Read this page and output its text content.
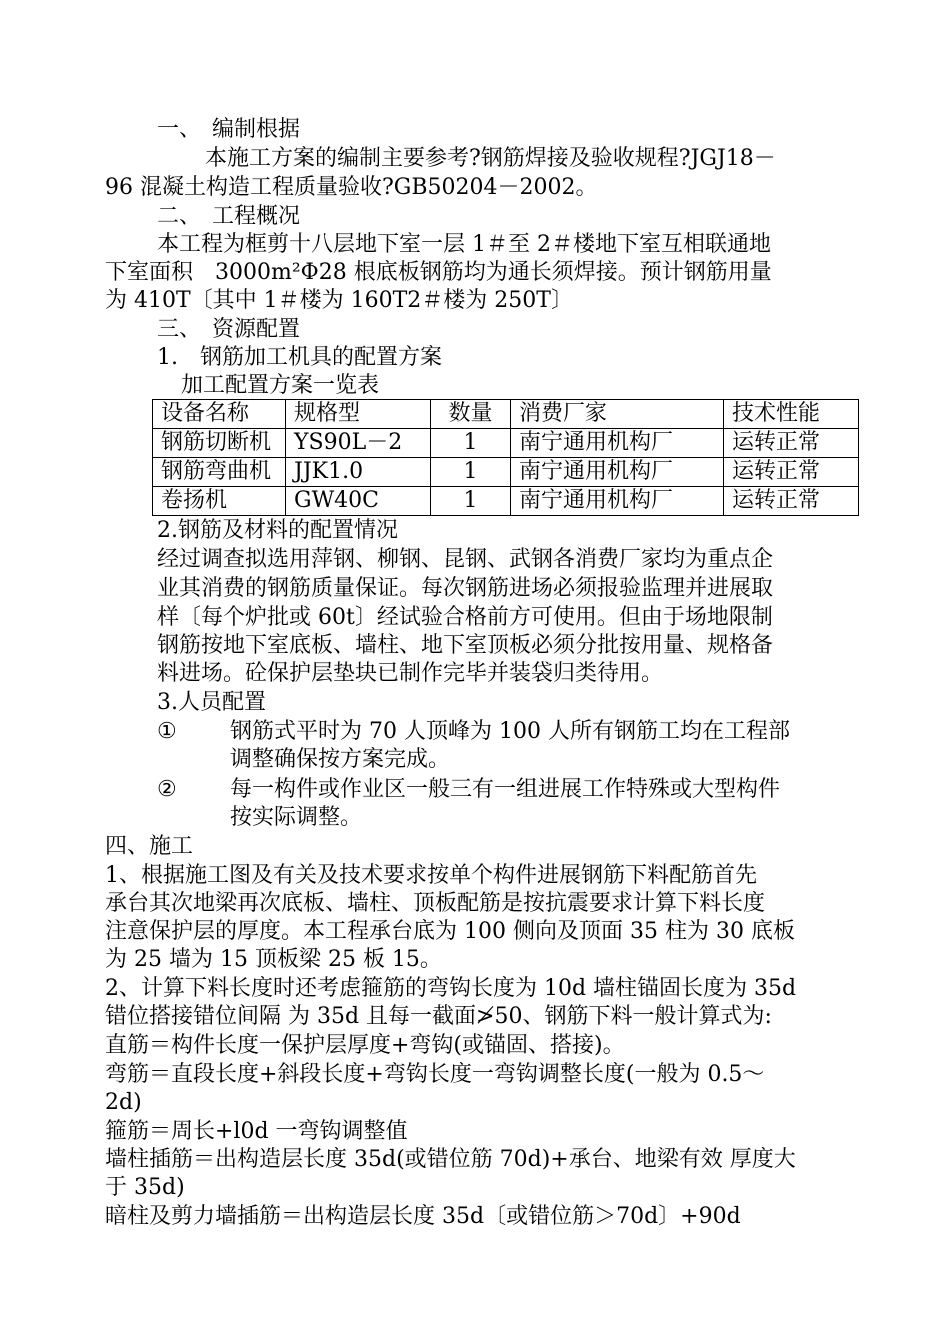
一、　编制根据
本施工方案的编制主要参考?钢筋焊接及验收规程?JGJ18－
96 混凝土构造工程质量验收?GB50204－2002。
二、　工程概况
本工程为框剪十八层地下室一层 1＃至 2＃楼地下室互相联通地
下室面积　3000m²Φ28 根底板钢筋均为通长须焊接。预计钢筋用量
为 410T〔其中 1＃楼为 160T2＃楼为 250T〕
三、　资源配置
1.　钢筋加工机具的配置方案
加工配置方案一览表
设备名称	规格型	数量	消费厂家	技术性能
钢筋切断机	YS90L－2	1	南宁通用机构厂	运转正常
钢筋弯曲机	JJK1.0	1	南宁通用机构厂	运转正常
卷扬机	GW40C	1	南宁通用机构厂	运转正常
2.钢筋及材料的配置情况
经过调查拟选用萍钢、柳钢、昆钢、武钢各消费厂家均为重点企
业其消费的钢筋质量保证。每次钢筋进场必须报验监理并进展取
样〔每个炉批或 60t〕经试验合格前方可使用。但由于场地限制
钢筋按地下室底板、墙柱、地下室顶板必须分批按用量、规格备
料进场。砼保护层垫块已制作完毕并装袋归类待用。
3.人员配置
① 钢筋式平时为 70 人顶峰为 100 人所有钢筋工均在工程部
调整确保按方案完成。
② 每一构件或作业区一般三有一组进展工作特殊或大型构件
按实际调整。
四、施工
1、根据施工图及有关及技术要求按单个构件进展钢筋下料配筋首先
承台其次地梁再次底板、墙柱、顶板配筋是按抗震要求计算下料长度
注意保护层的厚度。本工程承台底为 100 侧向及顶面 35 柱为 30 底板
为 25 墙为 15 顶板梁 25 板 15。
2、计算下料长度时还考虑箍筋的弯钩长度为 10d 墙柱锚固长度为 35d
错位搭接错位间隔 为 35d 且每一截面≯50、钢筋下料一般计算式为:
直筋＝构件长度一保护层厚度+弯钩(或锚固、搭接)。
弯筋＝直段长度+斜段长度+弯钩长度一弯钩调整长度(一般为 0.5～
2d)
箍筋＝周长+l0d 一弯钩调整值
墙柱插筋＝出构造层长度 35d(或错位筋 70d)+承台、地梁有效 厚度大
于 35d)
暗柱及剪力墙插筋＝出构造层长度 35d〔或错位筋＞70d〕+90d
